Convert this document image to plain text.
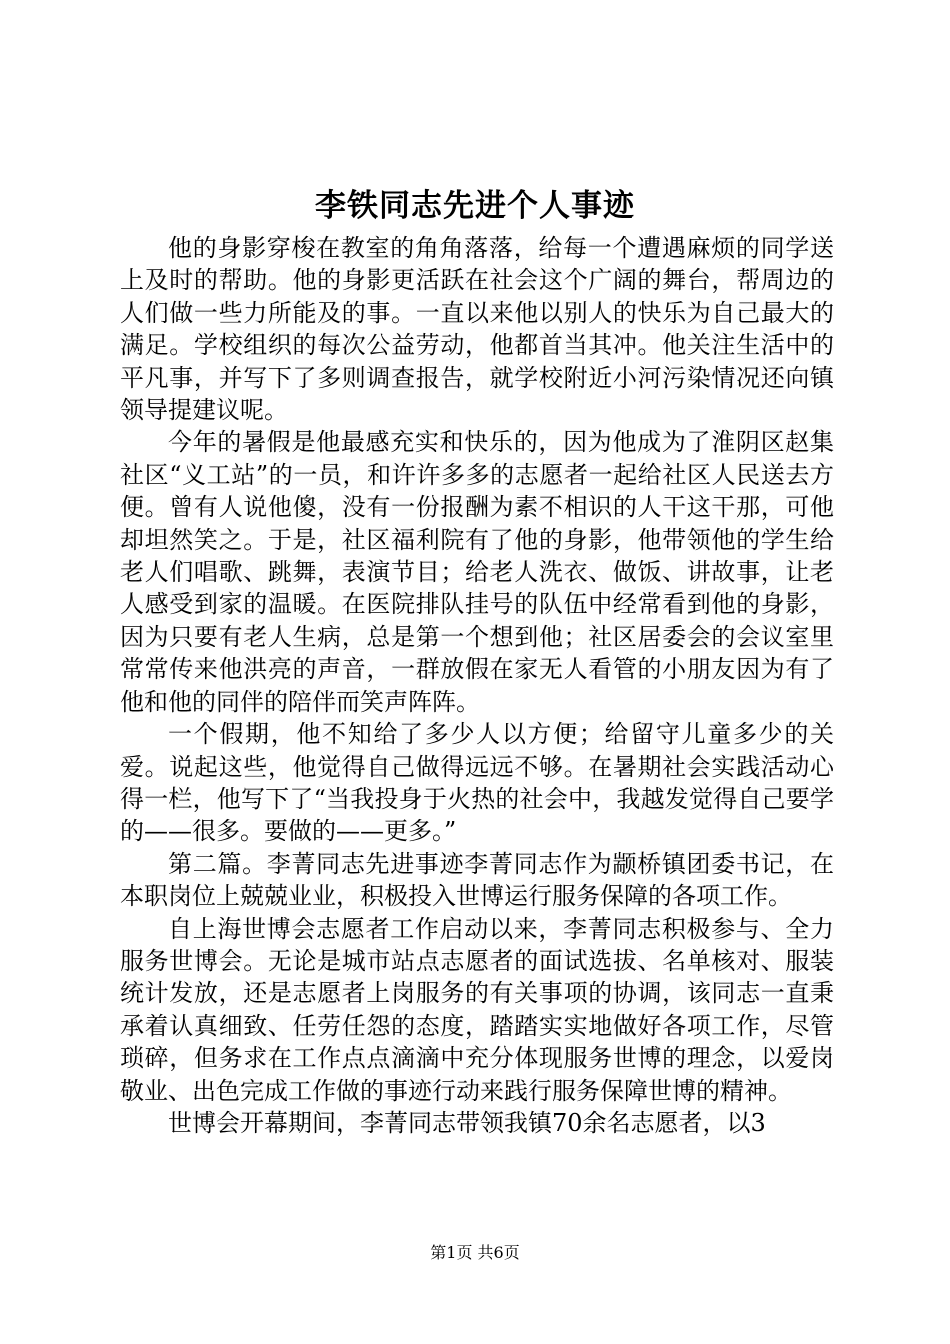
李铁同志先进个人事迹

他的身影穿梭在教室的角角落落，给每一个遭遇麻烦的同学送上及时的帮助。他的身影更活跃在社会这个广阔的舞台，帮周边的人们做一些力所能及的事。一直以来他以别人的快乐为自己最大的满足。学校组织的每次公益劳动，他都首当其冲。他关注生活中的平凡事，并写下了多则调查报告，就学校附近小河污染情况还向镇领导提建议呢。

今年的暑假是他最感充实和快乐的，因为他成为了淮阴区赵集社区“义工站”的一员，和许许多多的志愿者一起给社区人民送去方便。曾有人说他傻，没有一份报酬为素不相识的人干这干那，可他却坦然笑之。于是，社区福利院有了他的身影，他带领他的学生给老人们唱歌、跳舞，表演节目；给老人洗衣、做饭、讲故事，让老人感受到家的温暖。在医院排队挂号的队伍中经常看到他的身影，因为只要有老人生病，总是第一个想到他；社区居委会的会议室里常常传来他洪亮的声音，一群放假在家无人看管的小朋友因为有了他和他的同伴的陪伴而笑声阵阵。

一个假期，他不知给了多少人以方便；给留守儿童多少的关爱。说起这些，他觉得自己做得远远不够。在暑期社会实践活动心得一栏，他写下了“当我投身于火热的社会中，我越发觉得自己要学的——很多。要做的——更多。”

第二篇。李菁同志先进事迹李菁同志作为颛桥镇团委书记，在本职岗位上兢兢业业，积极投入世博运行服务保障的各项工作。

自上海世博会志愿者工作启动以来，李菁同志积极参与、全力服务世博会。无论是城市站点志愿者的面试选拔、名单核对、服装统计发放，还是志愿者上岗服务的有关事项的协调，该同志一直秉承着认真细致、任劳任怨的态度，踏踏实实地做好各项工作，尽管琐碎，但务求在工作点点滴滴中充分体现服务世博的理念，以爱岗敬业、出色完成工作做的事迹行动来践行服务保障世博的精神。

世博会开幕期间，李菁同志带领我镇70余名志愿者，以3

第1页 共6页
